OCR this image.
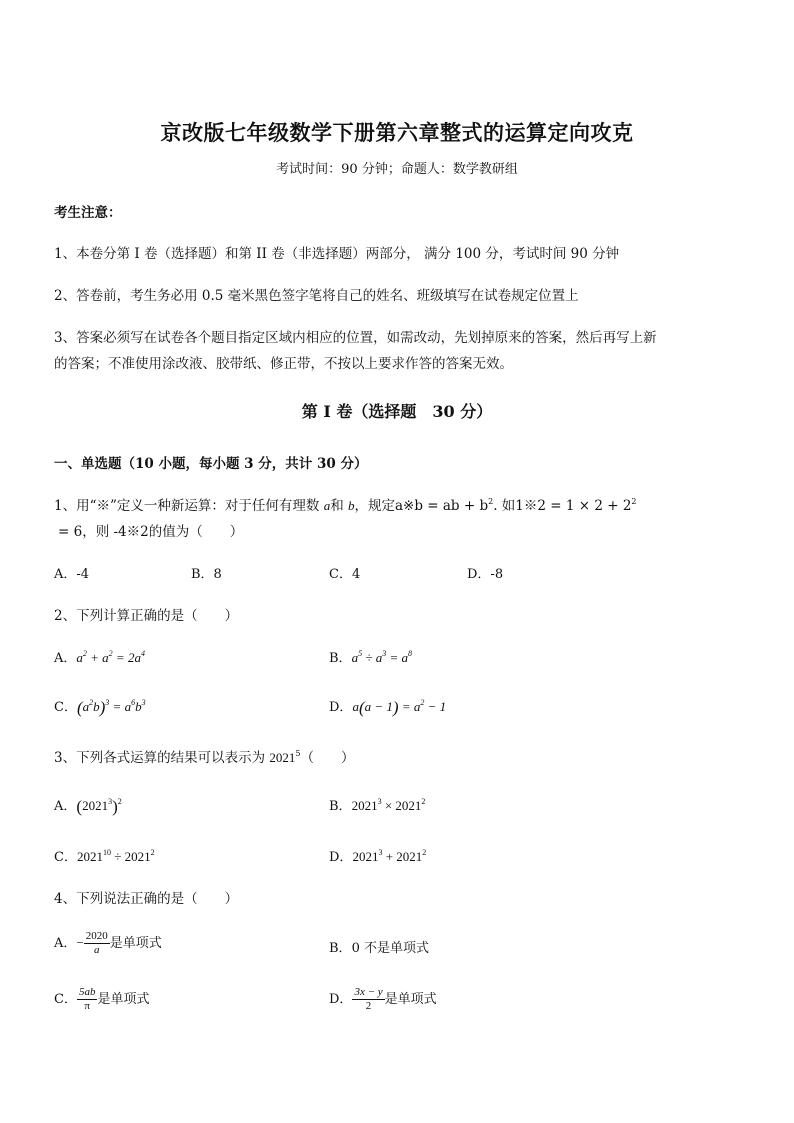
京改版七年级数学下册第六章整式的运算定向攻克
考试时间：90 分钟；命题人：数学教研组
考生注意：
1、本卷分第 I 卷（选择题）和第 II 卷（非选择题）两部分， 满分 100 分，考试时间 90 分钟
2、答卷前，考生务必用 0.5 毫米黑色签字笔将自己的姓名、班级填写在试卷规定位置上
3、答案必须写在试卷各个题目指定区域内相应的位置，如需改动，先划掉原来的答案，然后再写上新
的答案；不准使用涂改液、胶带纸、修正带，不按以上要求作答的答案无效。
第 I 卷（选择题　30 分）
一、单选题（10 小题，每小题 3 分，共计 30 分）
1、用“※”定义一种新运算：对于任何有理数 a和 b，规定a※b = ab + $b^2$. 如1※2 = $1 \times 2 + 2^2$
= 6，则 -4※2的值为（　　）
A．-4	B．8	C．4	D．-8
2、下列计算正确的是（　　）
A．$a^2 + a^2 = 2a^4$	B．$a^5 \div a^3 = a^8$
C．$(a^2b)^3 = a^6b^3$	D．$a(a - 1) = a^2 - 1$
3、下列各式运算的结果可以表示为 2021$^5$（　　）
A．$(2021^3)^2$	B．$2021^3 \times 2021^2$
C．$2021^{10} \div 2021^2$	D．$2021^3 + 2021^2$
4、下列说法正确的是（　　）
A．− $\frac{2020}{a}$ 是单项式	B．0 不是单项式
C． $\frac{5ab}{\pi}$ 是单项式	D． $\frac{3x - y}{2}$ 是单项式
